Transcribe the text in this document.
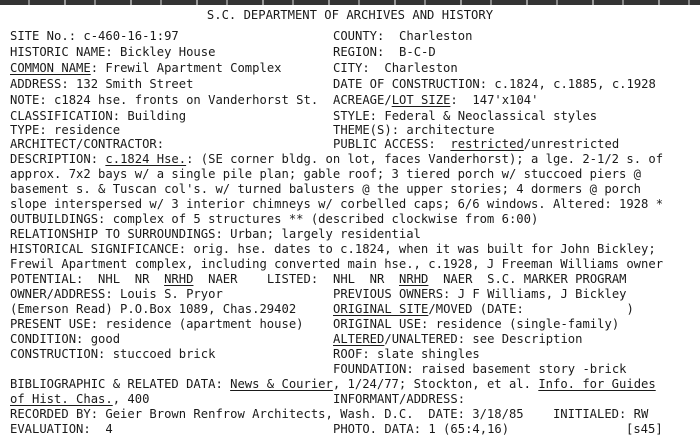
S.C. DEPARTMENT OF ARCHIVES AND HISTORY
SITE No.: c-460-16-1:97	COUNTY:  Charleston
HISTORIC NAME: Bickley House	REGION:  B-C-D
COMMON NAME: Frewil Apartment Complex	CITY:  Charleston
ADDRESS: 132 Smith Street	DATE OF CONSTRUCTION: c.1824, c.1885, c.1928
NOTE: c1824 hse. fronts on Vanderhorst St. ACREAGE/LOT SIZE:  147'x104'
CLASSIFICATION: Building	STYLE: Federal & Neoclassical styles
TYPE: residence	THEME(S): architecture
ARCHITECT/CONTRACTOR:	PUBLIC ACCESS:  restricted/unrestricted
DESCRIPTION: c.1824 Hse.: (SE corner bldg. on lot, faces Vanderhorst); a lge. 2-1/2 s. of
approx. 7x2 bays w/ a single pile plan; gable roof; 3 tiered porch w/ stuccoed piers @
basement s. & Tuscan col's. w/ turned balusters @ the upper stories; 4 dormers @ porch
slope interspersed w/ 3 interior chimneys w/ corbelled caps; 6/6 windows. Altered: 1928 *
OUTBUILDINGS: complex of 5 structures ** (described clockwise from 6:00)
RELATIONSHIP TO SURROUNDINGS: Urban; largely residential
HISTORICAL SIGNIFICANCE: orig. hse. dates to c.1824, when it was built for John Bickley;
Frewil Apartment complex, including converted main hse., c.1928, J Freeman Williams owner
POTENTIAL:  NHL  NR  NRHD  NAER    LISTED: NHL  NR  NRHD  NAER  S.C. MARKER PROGRAM
OWNER/ADDRESS: Louis S. Pryor	PREVIOUS OWNERS: J F Williams, J Bickley
(Emerson Read) P.O.Box 1089, Chas.29402	ORIGINAL SITE/MOVED (DATE:              )
PRESENT USE: residence (apartment house) ORIGINAL USE: residence (single-family)
CONDITION: good	ALTERED/UNALTERED: see Description
CONSTRUCTION: stuccoed brick	ROOF: slate shingles
FOUNDATION: raised basement story -brick
BIBLIOGRAPHIC & RELATED DATA: News & Courier, 1/24/77; Stockton, et al. Info. for Guides
of Hist. Chas., 400	INFORMANT/ADDRESS:
RECORDED BY: Geier Brown Renfrow Architects, Wash. D.C.  DATE: 3/18/85    INITIALED: RW
EVALUATION:  4	PHOTO. DATA: 1 (65:4,16)	[s45]
